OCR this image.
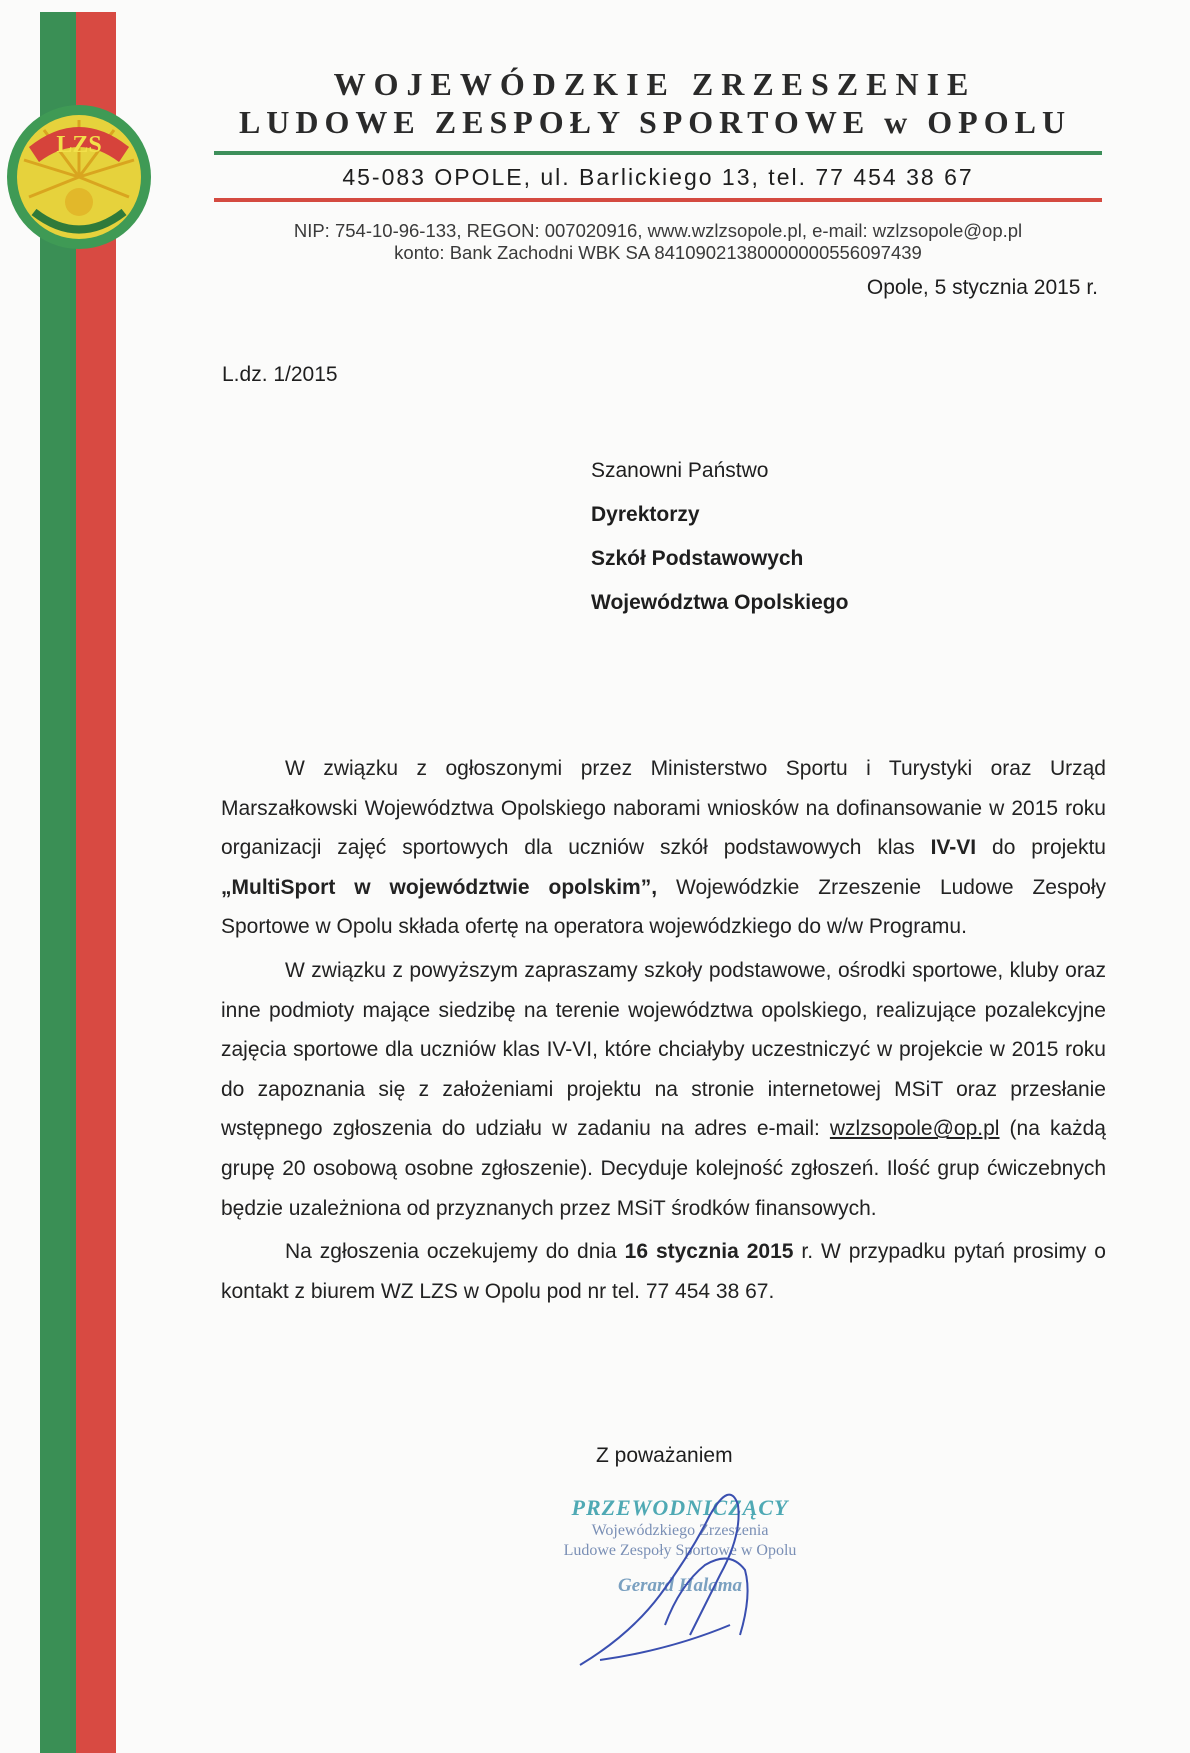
LZS
WOJEWÓDZKIE ZRZESZENIE
LUDOWE ZESPOŁY SPORTOWE w OPOLU
45-083 OPOLE, ul. Barlickiego 13, tel. 77 454 38 67
NIP: 754-10-96-133, REGON: 007020916, www.wzlzsopole.pl, e-mail: wzlzsopole@op.pl
konto: Bank Zachodni WBK SA 84109021380000000556097439
Opole, 5 stycznia 2015 r.
L.dz. 1/2015
Szanowni Państwo
Dyrektorzy
Szkół Podstawowych
Województwa Opolskiego

W związku z ogłoszonymi przez Ministerstwo Sportu i Turystyki oraz Urząd Marszałkowski Województwa Opolskiego naborami wniosków na dofinansowanie w 2015 roku organizacji zajęć sportowych dla uczniów szkół podstawowych klas IV-VI do projektu „MultiSport w województwie opolskim”, Wojewódzkie Zrzeszenie Ludowe Zespoły Sportowe w Opolu składa ofertę na operatora wojewódzkiego do w/w Programu.

W związku z powyższym zapraszamy szkoły podstawowe, ośrodki sportowe, kluby oraz inne podmioty mające siedzibę na terenie województwa opolskiego, realizujące pozalekcyjne zajęcia sportowe dla uczniów klas IV-VI, które chciałyby uczestniczyć w projekcie w 2015 roku do zapoznania się z założeniami projektu na stronie internetowej MSiT oraz przesłanie wstępnego zgłoszenia do udziału w zadaniu na adres e-mail: wzlzsopole@op.pl (na każdą grupę 20 osobową osobne zgłoszenie). Decyduje kolejność zgłoszeń. Ilość grup ćwiczebnych będzie uzależniona od przyznanych przez MSiT środków finansowych.

Na zgłoszenia oczekujemy do dnia 16 stycznia 2015 r. W przypadku pytań prosimy o kontakt z biurem WZ LZS w Opolu pod nr tel. 77 454 38 67.

Z poważaniem
PRZEWODNICZĄCY
Wojewódzkiego Zrzeszenia
Ludowe Zespoły Sportowe w Opolu
Gerard Halama
